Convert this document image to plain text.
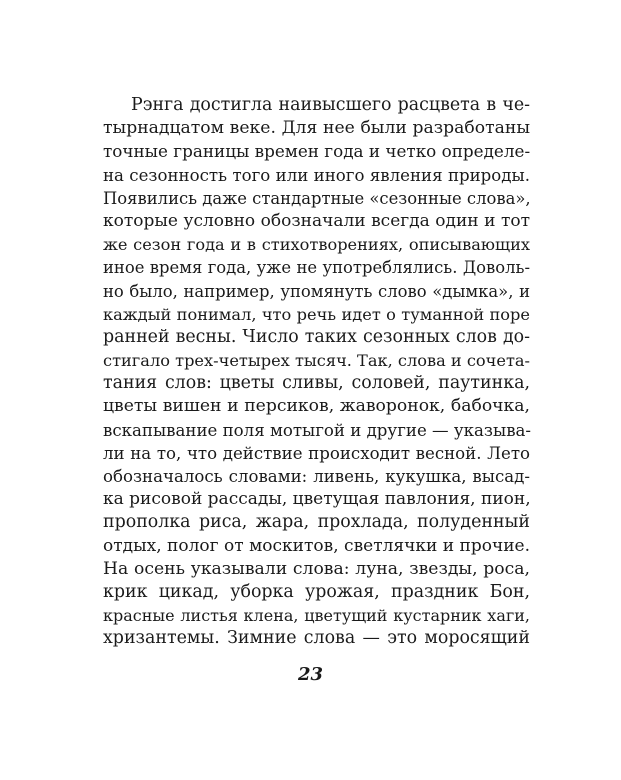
Рэнга достигла наивысшего расцвета в че-
тырнадцатом веке. Для нее были разработаны
точные границы времен года и четко определе-
на сезонность того или иного явления природы.
Появились даже стандартные «сезонные слова»,
которые условно обозначали всегда один и тот
же сезон года и в стихотворениях, описывающих
иное время года, уже не употреблялись. Доволь-
но было, например, упомянуть слово «дымка», и
каждый понимал, что речь идет о туманной поре
ранней весны. Число таких сезонных слов до-
стигало трех-четырех тысяч. Так, слова и сочета-
тания слов: цветы сливы, соловей, паутинка,
цветы вишен и персиков, жаворонок, бабочка,
вскапывание поля мотыгой и другие — указыва-
ли на то, что действие происходит весной. Лето
обозначалось словами: ливень, кукушка, высад-
ка рисовой рассады, цветущая павлония, пион,
прополка риса, жара, прохлада, полуденный
отдых, полог от москитов, светлячки и прочие.
На осень указывали слова: луна, звезды, роса,
крик цикад, уборка урожая, праздник Бон,
красные листья клена, цветущий кустарник хаги,
хризантемы. Зимние слова — это моросящий
23
